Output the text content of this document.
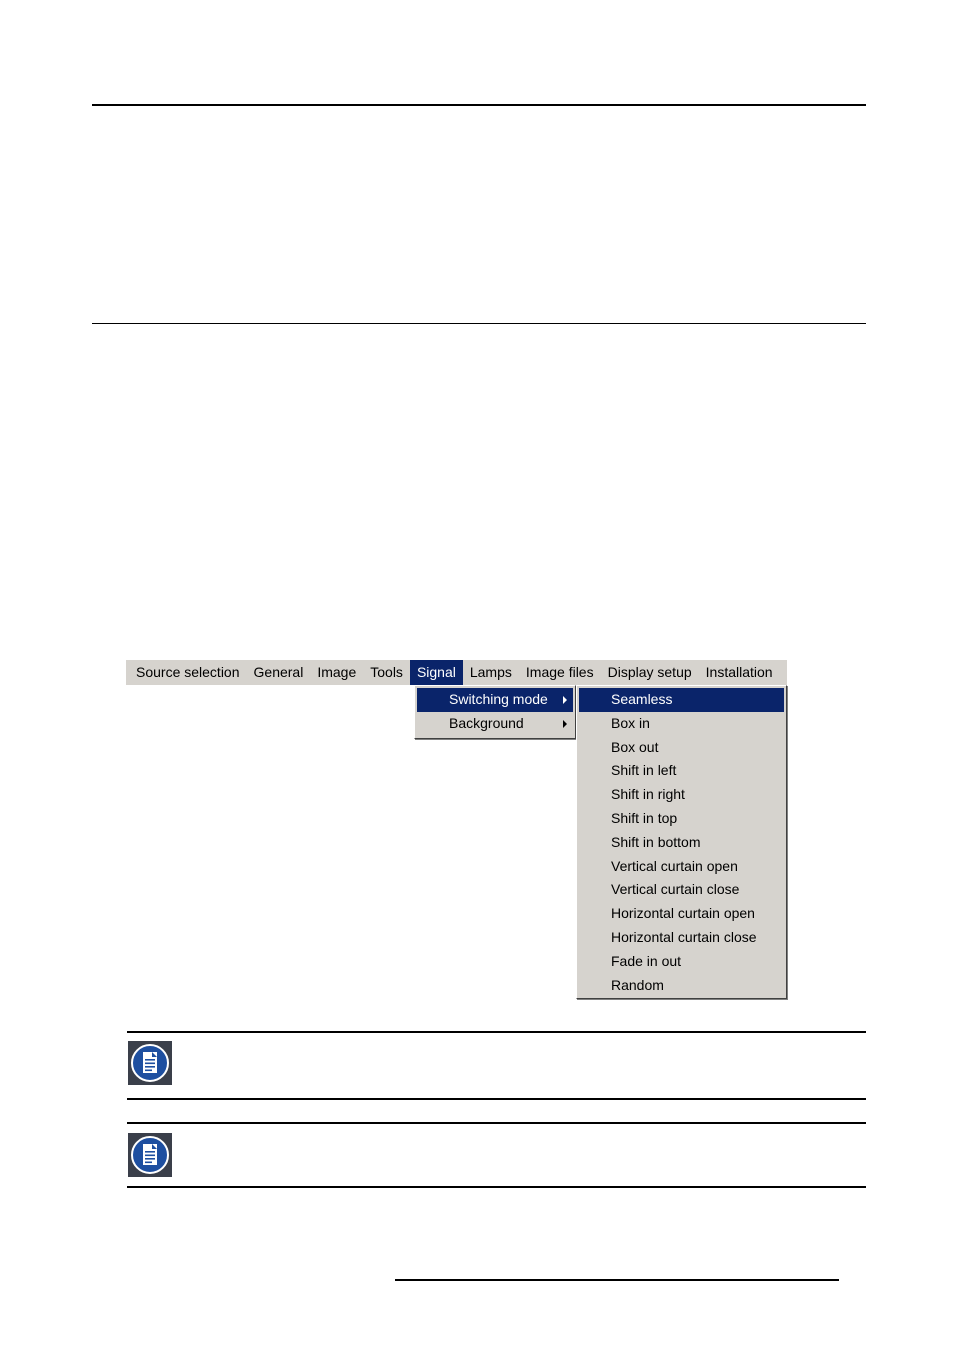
Source selection	General	Image	Tools	Signal	Lamps	Image files	Display setup	Installation
Switching mode
Background
Seamless
Box in
Box out
Shift in left
Shift in right
Shift in top
Shift in bottom
Vertical curtain open
Vertical curtain close
Horizontal curtain open
Horizontal curtain close
Fade in out
Random
